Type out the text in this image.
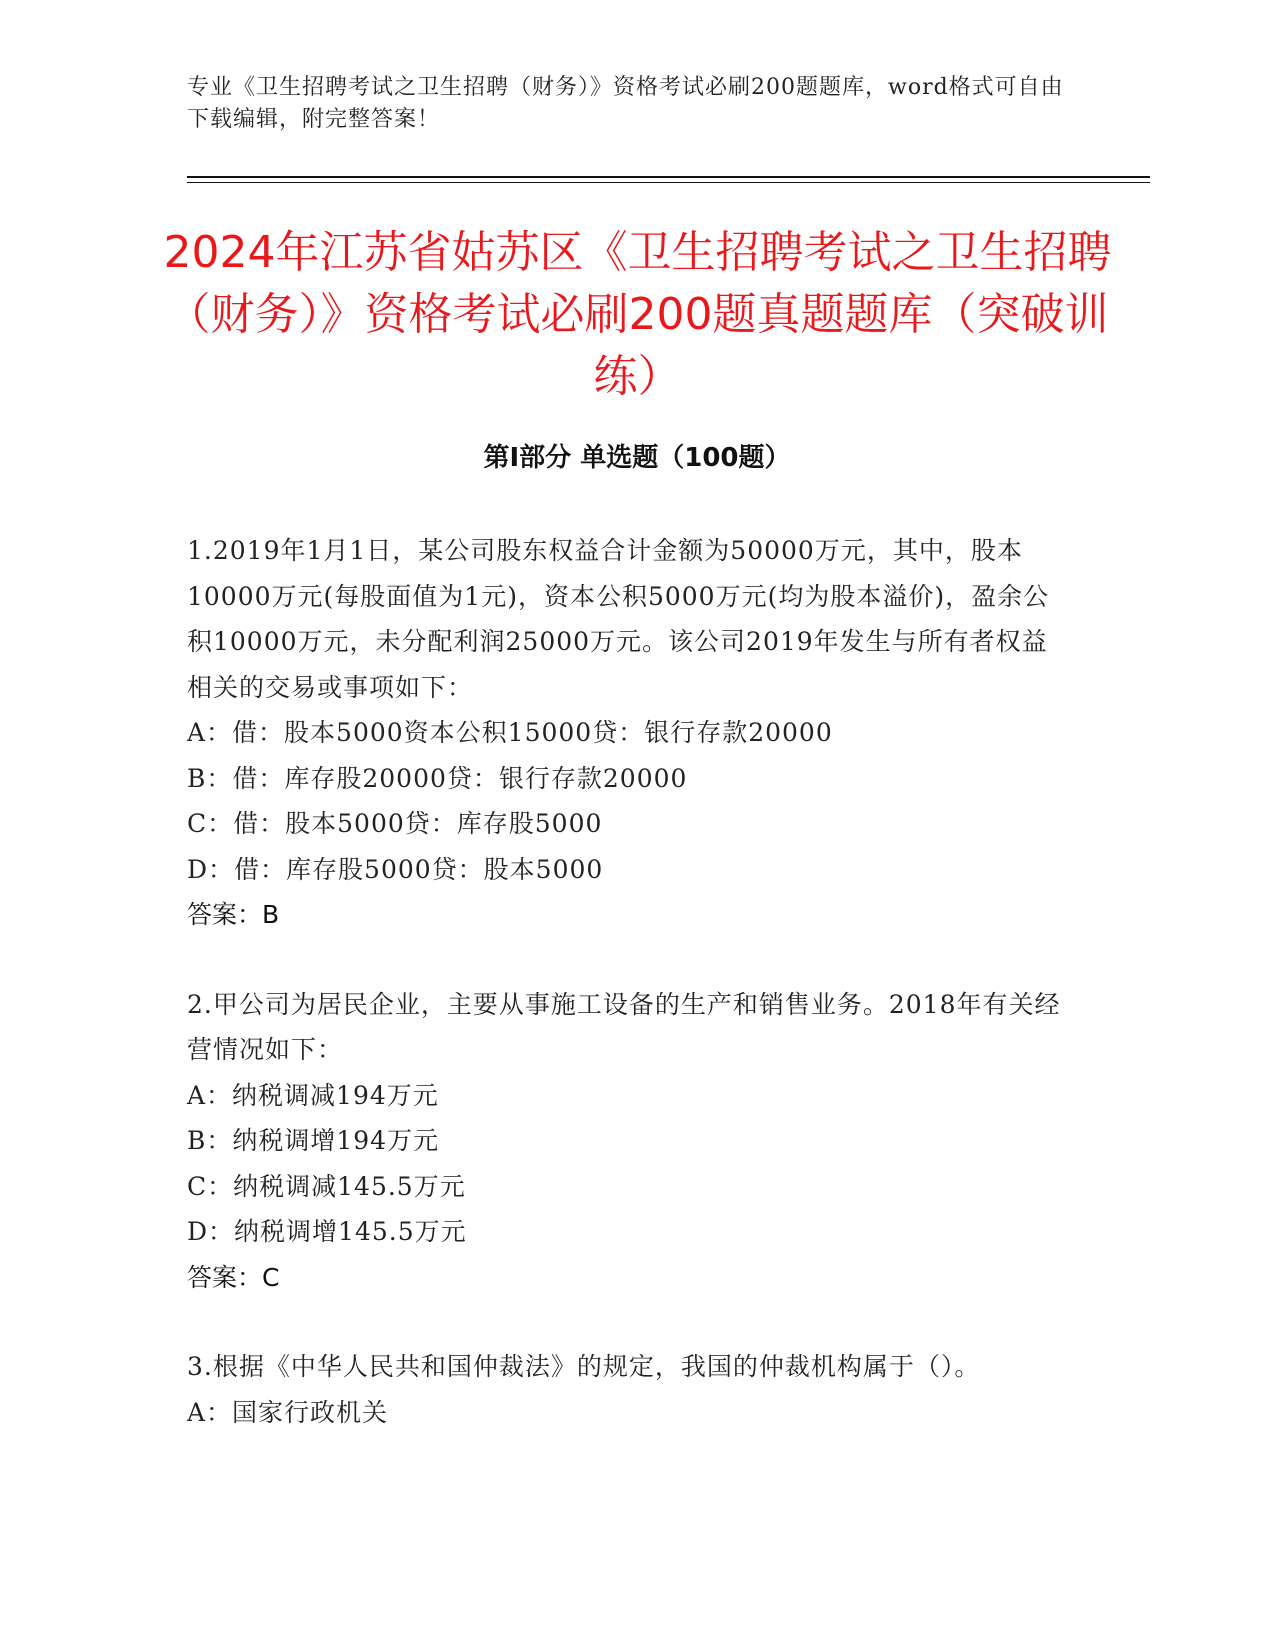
专业《卫生招聘考试之卫生招聘（财务）》资格考试必刷200题题库，word格式可自由下载编辑，附完整答案！
2024年江苏省姑苏区《卫生招聘考试之卫生招聘（财务）》资格考试必刷200题真题题库（突破训练）
第Ⅰ部分 单选题（100题）

1.2019年1月1日，某公司股东权益合计金额为50000万元，其中，股本10000万元(每股面值为1元)，资本公积5000万元(均为股本溢价)，盈余公积10000万元，未分配利润25000万元。该公司2019年发生与所有者权益相关的交易或事项如下：

A：借：股本5000资本公积15000贷：银行存款20000

B：借：库存股20000贷：银行存款20000

C：借：股本5000贷：库存股5000

D：借：库存股5000贷：股本5000

答案：B

2.甲公司为居民企业，主要从事施工设备的生产和销售业务。2018年有关经营情况如下：

A：纳税调减194万元

B：纳税调增194万元

C：纳税调减145.5万元

D：纳税调增145.5万元

答案：C

3.根据《中华人民共和国仲裁法》的规定，我国的仲裁机构属于（）。

A：国家行政机关
